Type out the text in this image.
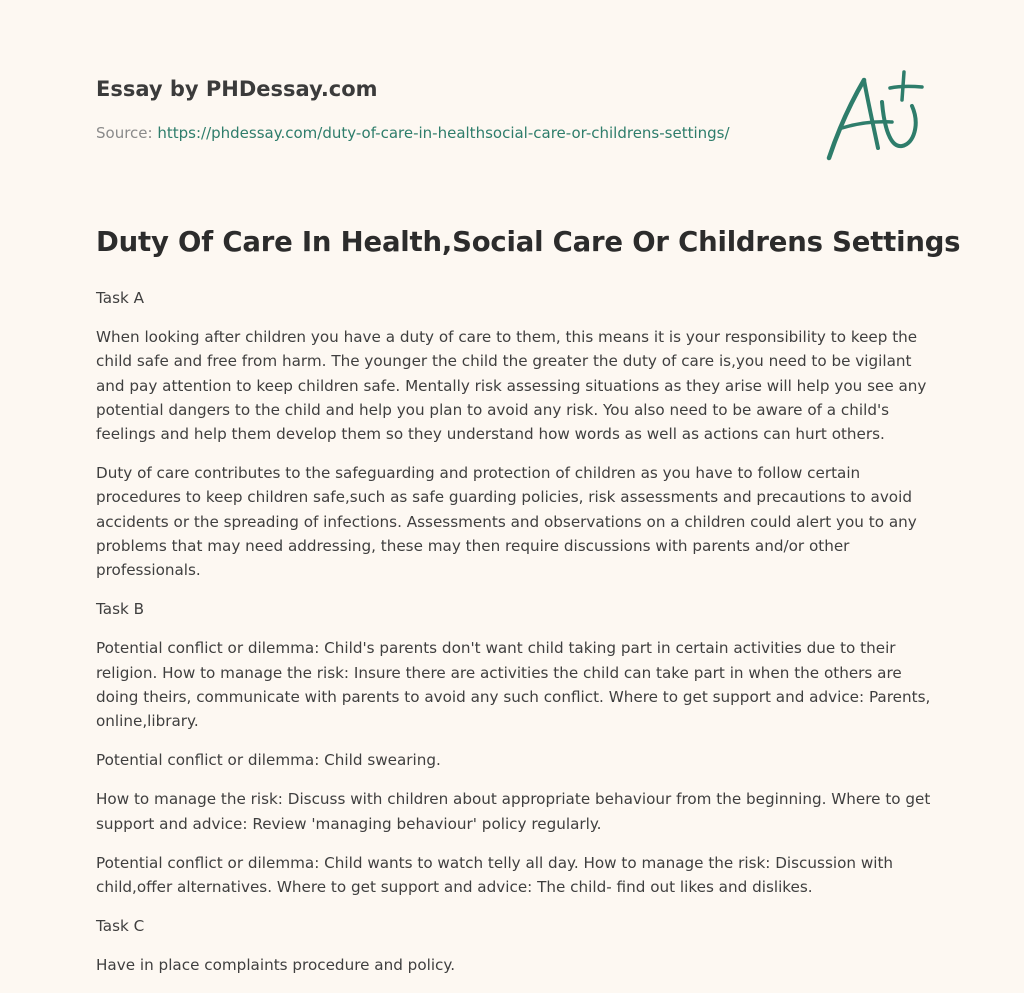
Essay by PHDessay.com
Source: https://phdessay.com/duty-of-care-in-healthsocial-care-or-childrens-settings/
Duty Of Care In Health,Social Care Or Childrens Settings

Task A

When looking after children you have a duty of care to them, this means it is your responsibility to keep the child safe and free from harm. The younger the child the greater the duty of care is,you need to be vigilant and pay attention to keep children safe. Mentally risk assessing situations as they arise will help you see any potential dangers to the child and help you plan to avoid any risk. You also need to be aware of a child's feelings and help them develop them so they understand how words as well as actions can hurt others.

Duty of care contributes to the safeguarding and protection of children as you have to follow certain procedures to keep children safe,such as safe guarding policies, risk assessments and precautions to avoid accidents or the spreading of infections. Assessments and observations on a children could alert you to any problems that may need addressing, these may then require discussions with parents and/or other professionals.

Task B

Potential conflict or dilemma: Child's parents don't want child taking part in certain activities due to their religion. How to manage the risk: Insure there are activities the child can take part in when the others are doing theirs, communicate with parents to avoid any such conflict. Where to get support and advice: Parents, online,library.

Potential conflict or dilemma: Child swearing.

How to manage the risk: Discuss with children about appropriate behaviour from the beginning. Where to get support and advice: Review 'managing behaviour' policy regularly.

Potential conflict or dilemma: Child wants to watch telly all day. How to manage the risk: Discussion with child,offer alternatives. Where to get support and advice: The child- find out likes and dislikes.

Task C

Have in place complaints procedure and policy.
